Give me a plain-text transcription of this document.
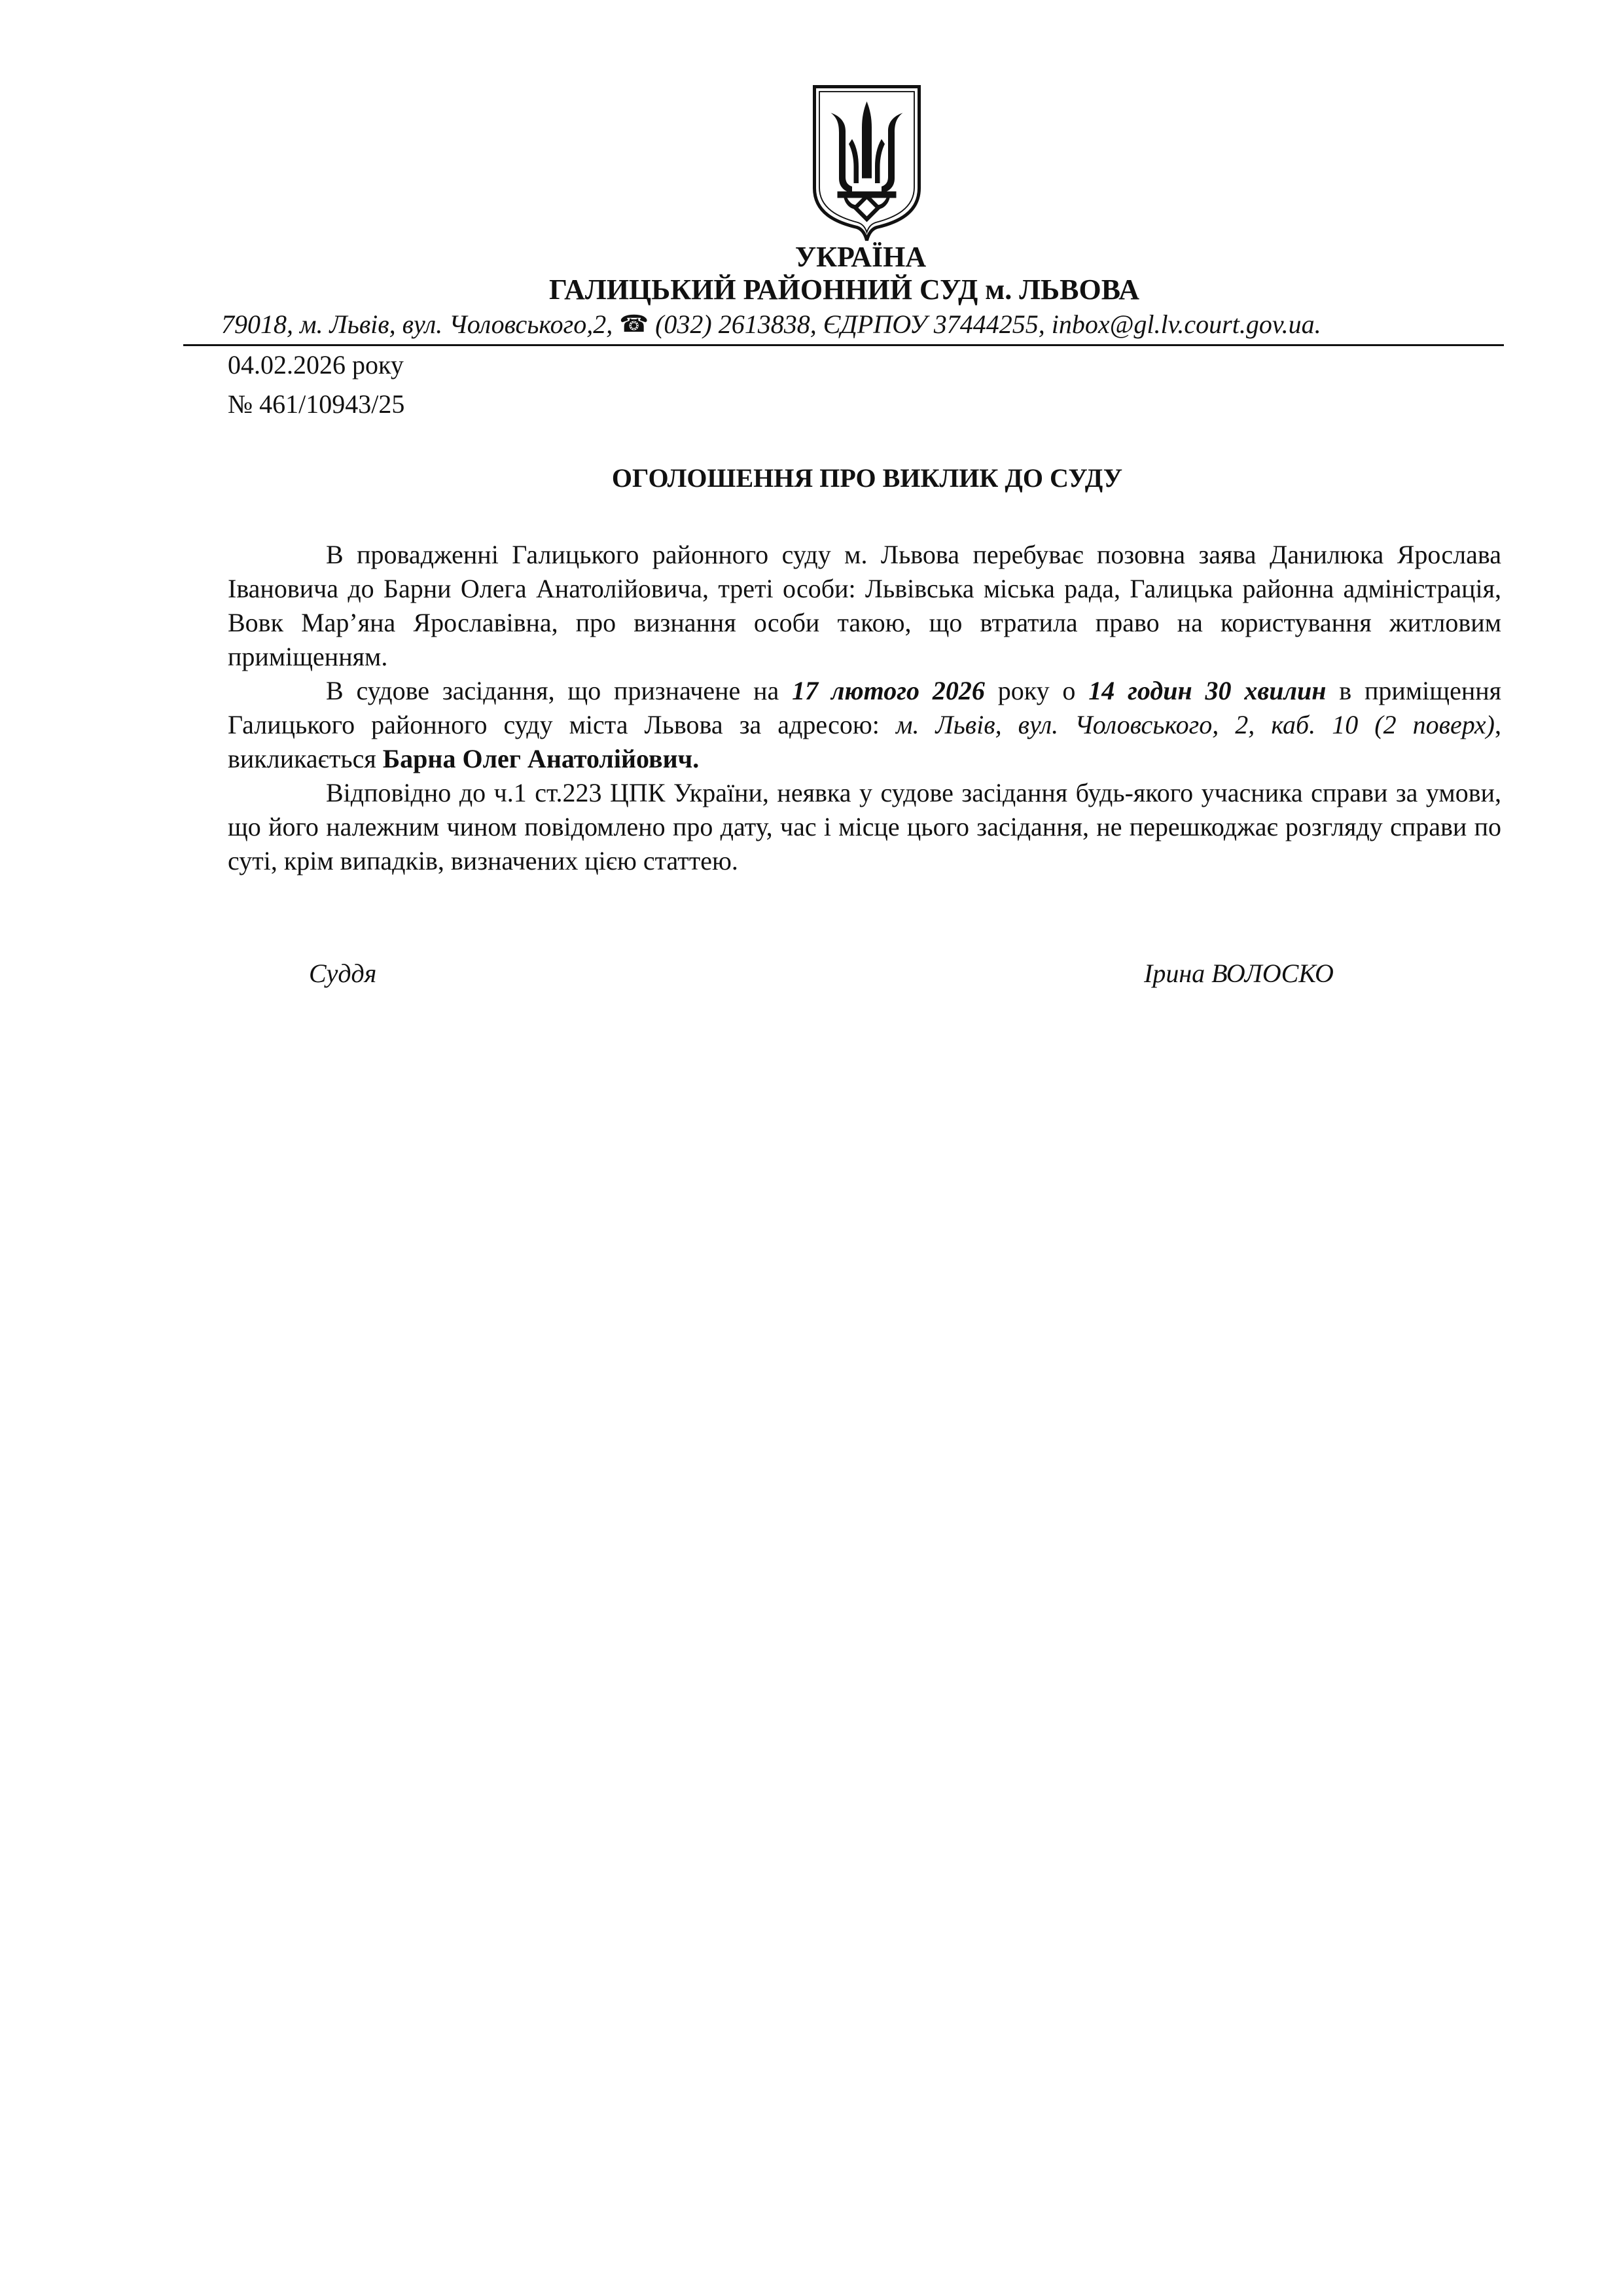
УКРАЇНА
ГАЛИЦЬКИЙ РАЙОННИЙ СУД м. ЛЬВОВА
79018, м. Львів, вул. Чоловського,2, ☎ (032) 2613838, ЄДРПОУ 37444255, inbox@gl.lv.court.gov.ua.
04.02.2026 року
№ 461/10943/25
ОГОЛОШЕННЯ ПРО ВИКЛИК ДО СУДУ

В провадженні Галицького районного суду м. Львова перебуває позовна заява Данилюка Ярослава Івановича до Барни Олега Анатолійовича, треті особи: Львівська міська рада, Галицька районна адміністрація, Вовк Мар’яна Ярославівна, про визнання особи такою, що втратила право на користування житловим приміщенням.

В судове засідання, що призначене на 17 лютого 2026 року о 14 годин 30 хвилин в приміщення Галицького районного суду міста Львова за адресою: м. Львів, вул. Чоловського, 2, каб. 10 (2 поверх), викликається Барна Олег Анатолійович.

Відповідно до ч.1 ст.223 ЦПК України, неявка у судове засідання будь-якого учасника справи за умови, що його належним чином повідомлено про дату, час і місце цього засідання, не перешкоджає розгляду справи по суті, крім випадків, визначених цією статтею.

Суддя	Ірина ВОЛОСКО
